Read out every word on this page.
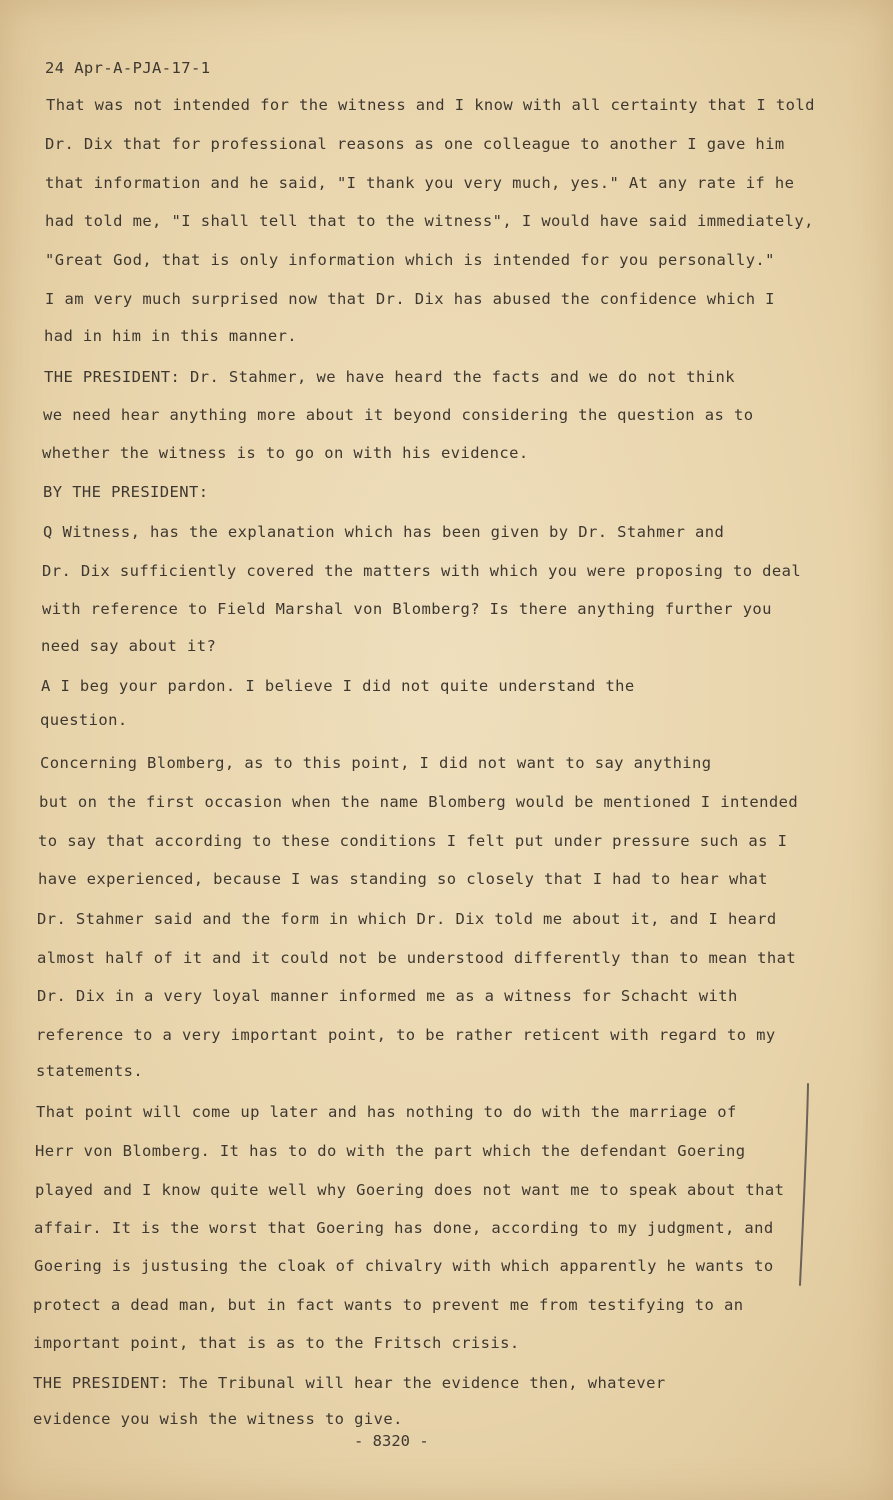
24 Apr-A-PJA-17-1
That was not intended for the witness and I know with all certainty that I told
Dr. Dix that for professional reasons as one colleague to another I gave him
that information and he said, "I thank you very much, yes." At any rate if he
had told me, "I shall tell that to the witness", I would have said immediately,
"Great God, that is only information which is intended for you personally."
I am very much surprised now that Dr. Dix has abused the confidence which I
had in him in this manner.
THE PRESIDENT: Dr. Stahmer, we have heard the facts and we do not think
we need hear anything more about it beyond considering the question as to
whether the witness is to go on with his evidence.
BY THE PRESIDENT:
Q Witness, has the explanation which has been given by Dr. Stahmer and
Dr. Dix sufficiently covered the matters with which you were proposing to deal
with reference to Field Marshal von Blomberg? Is there anything further you
need say about it?
A I beg your pardon. I believe I did not quite understand the
question.
Concerning Blomberg, as to this point, I did not want to say anything
but on the first occasion when the name Blomberg would be mentioned I intended
to say that according to these conditions I felt put under pressure such as I
have experienced, because I was standing so closely that I had to hear what
Dr. Stahmer said and the form in which Dr. Dix told me about it, and I heard
almost half of it and it could not be understood differently than to mean that
Dr. Dix in a very loyal manner informed me as a witness for Schacht with
reference to a very important point, to be rather reticent with regard to my
statements.
That point will come up later and has nothing to do with the marriage of
Herr von Blomberg. It has to do with the part which the defendant Goering
played and I know quite well why Goering does not want me to speak about that
affair. It is the worst that Goering has done, according to my judgment, and
Goering is justusing the cloak of chivalry with which apparently he wants to
protect a dead man, but in fact wants to prevent me from testifying to an
important point, that is as to the Fritsch crisis.
THE PRESIDENT: The Tribunal will hear the evidence then, whatever
evidence you wish the witness to give.
- 8320 -
